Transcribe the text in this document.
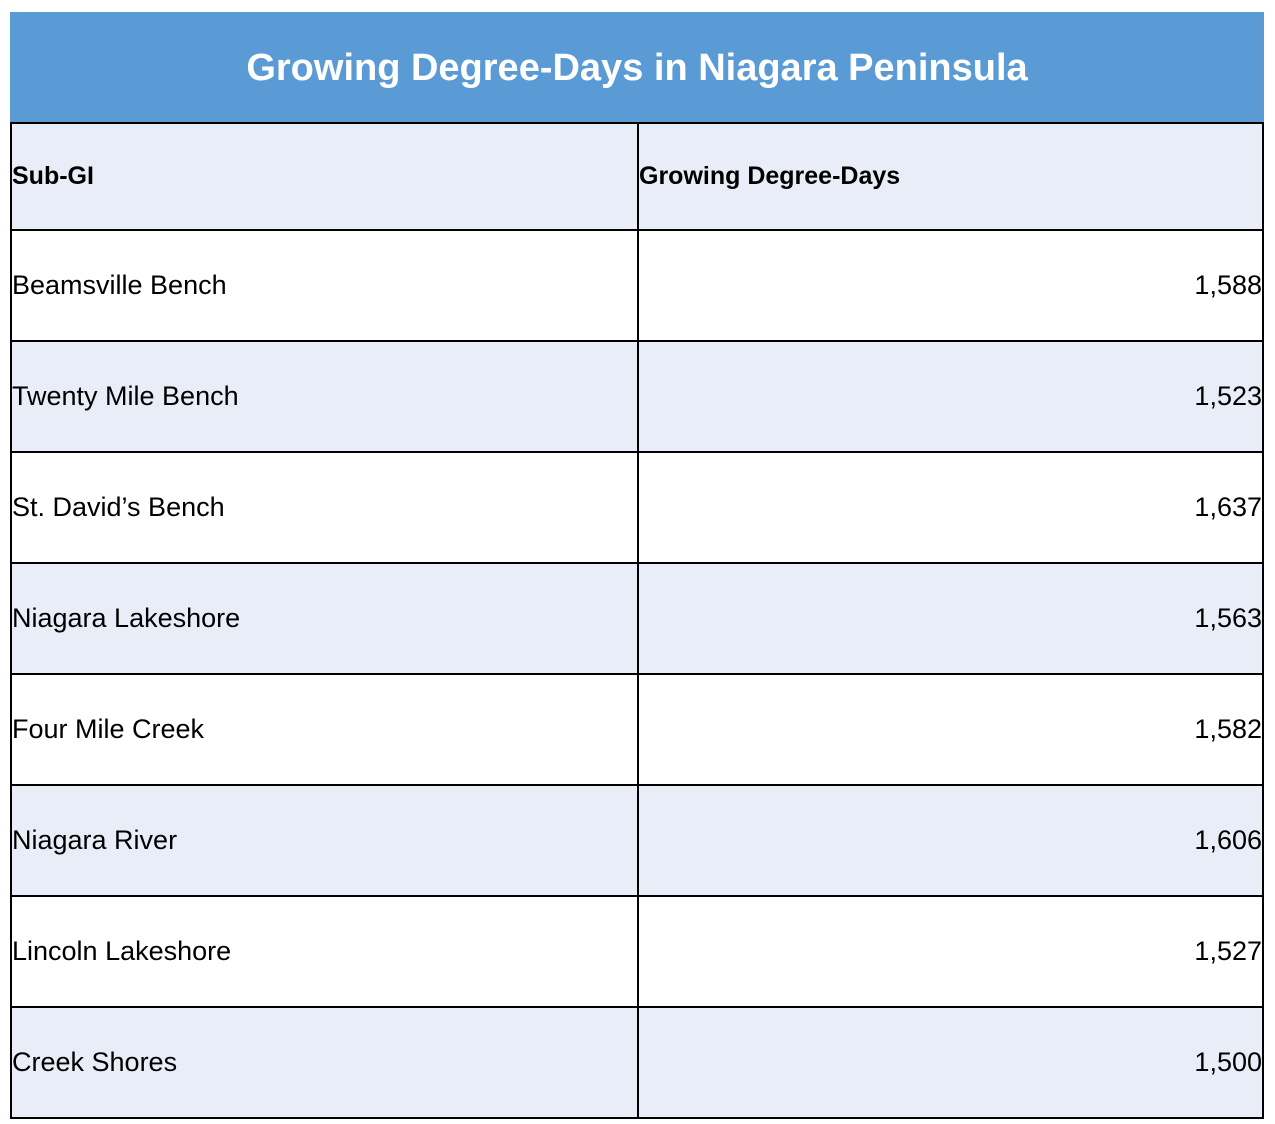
Growing Degree-Days in Niagara Peninsula	
Sub-GI	Growing Degree-Days
Beamsville Bench	1,588
Twenty Mile Bench	1,523
St. David’s Bench	1,637
Niagara Lakeshore	1,563
Four Mile Creek	1,582
Niagara River	1,606
Lincoln Lakeshore	1,527
Creek Shores	1,500
